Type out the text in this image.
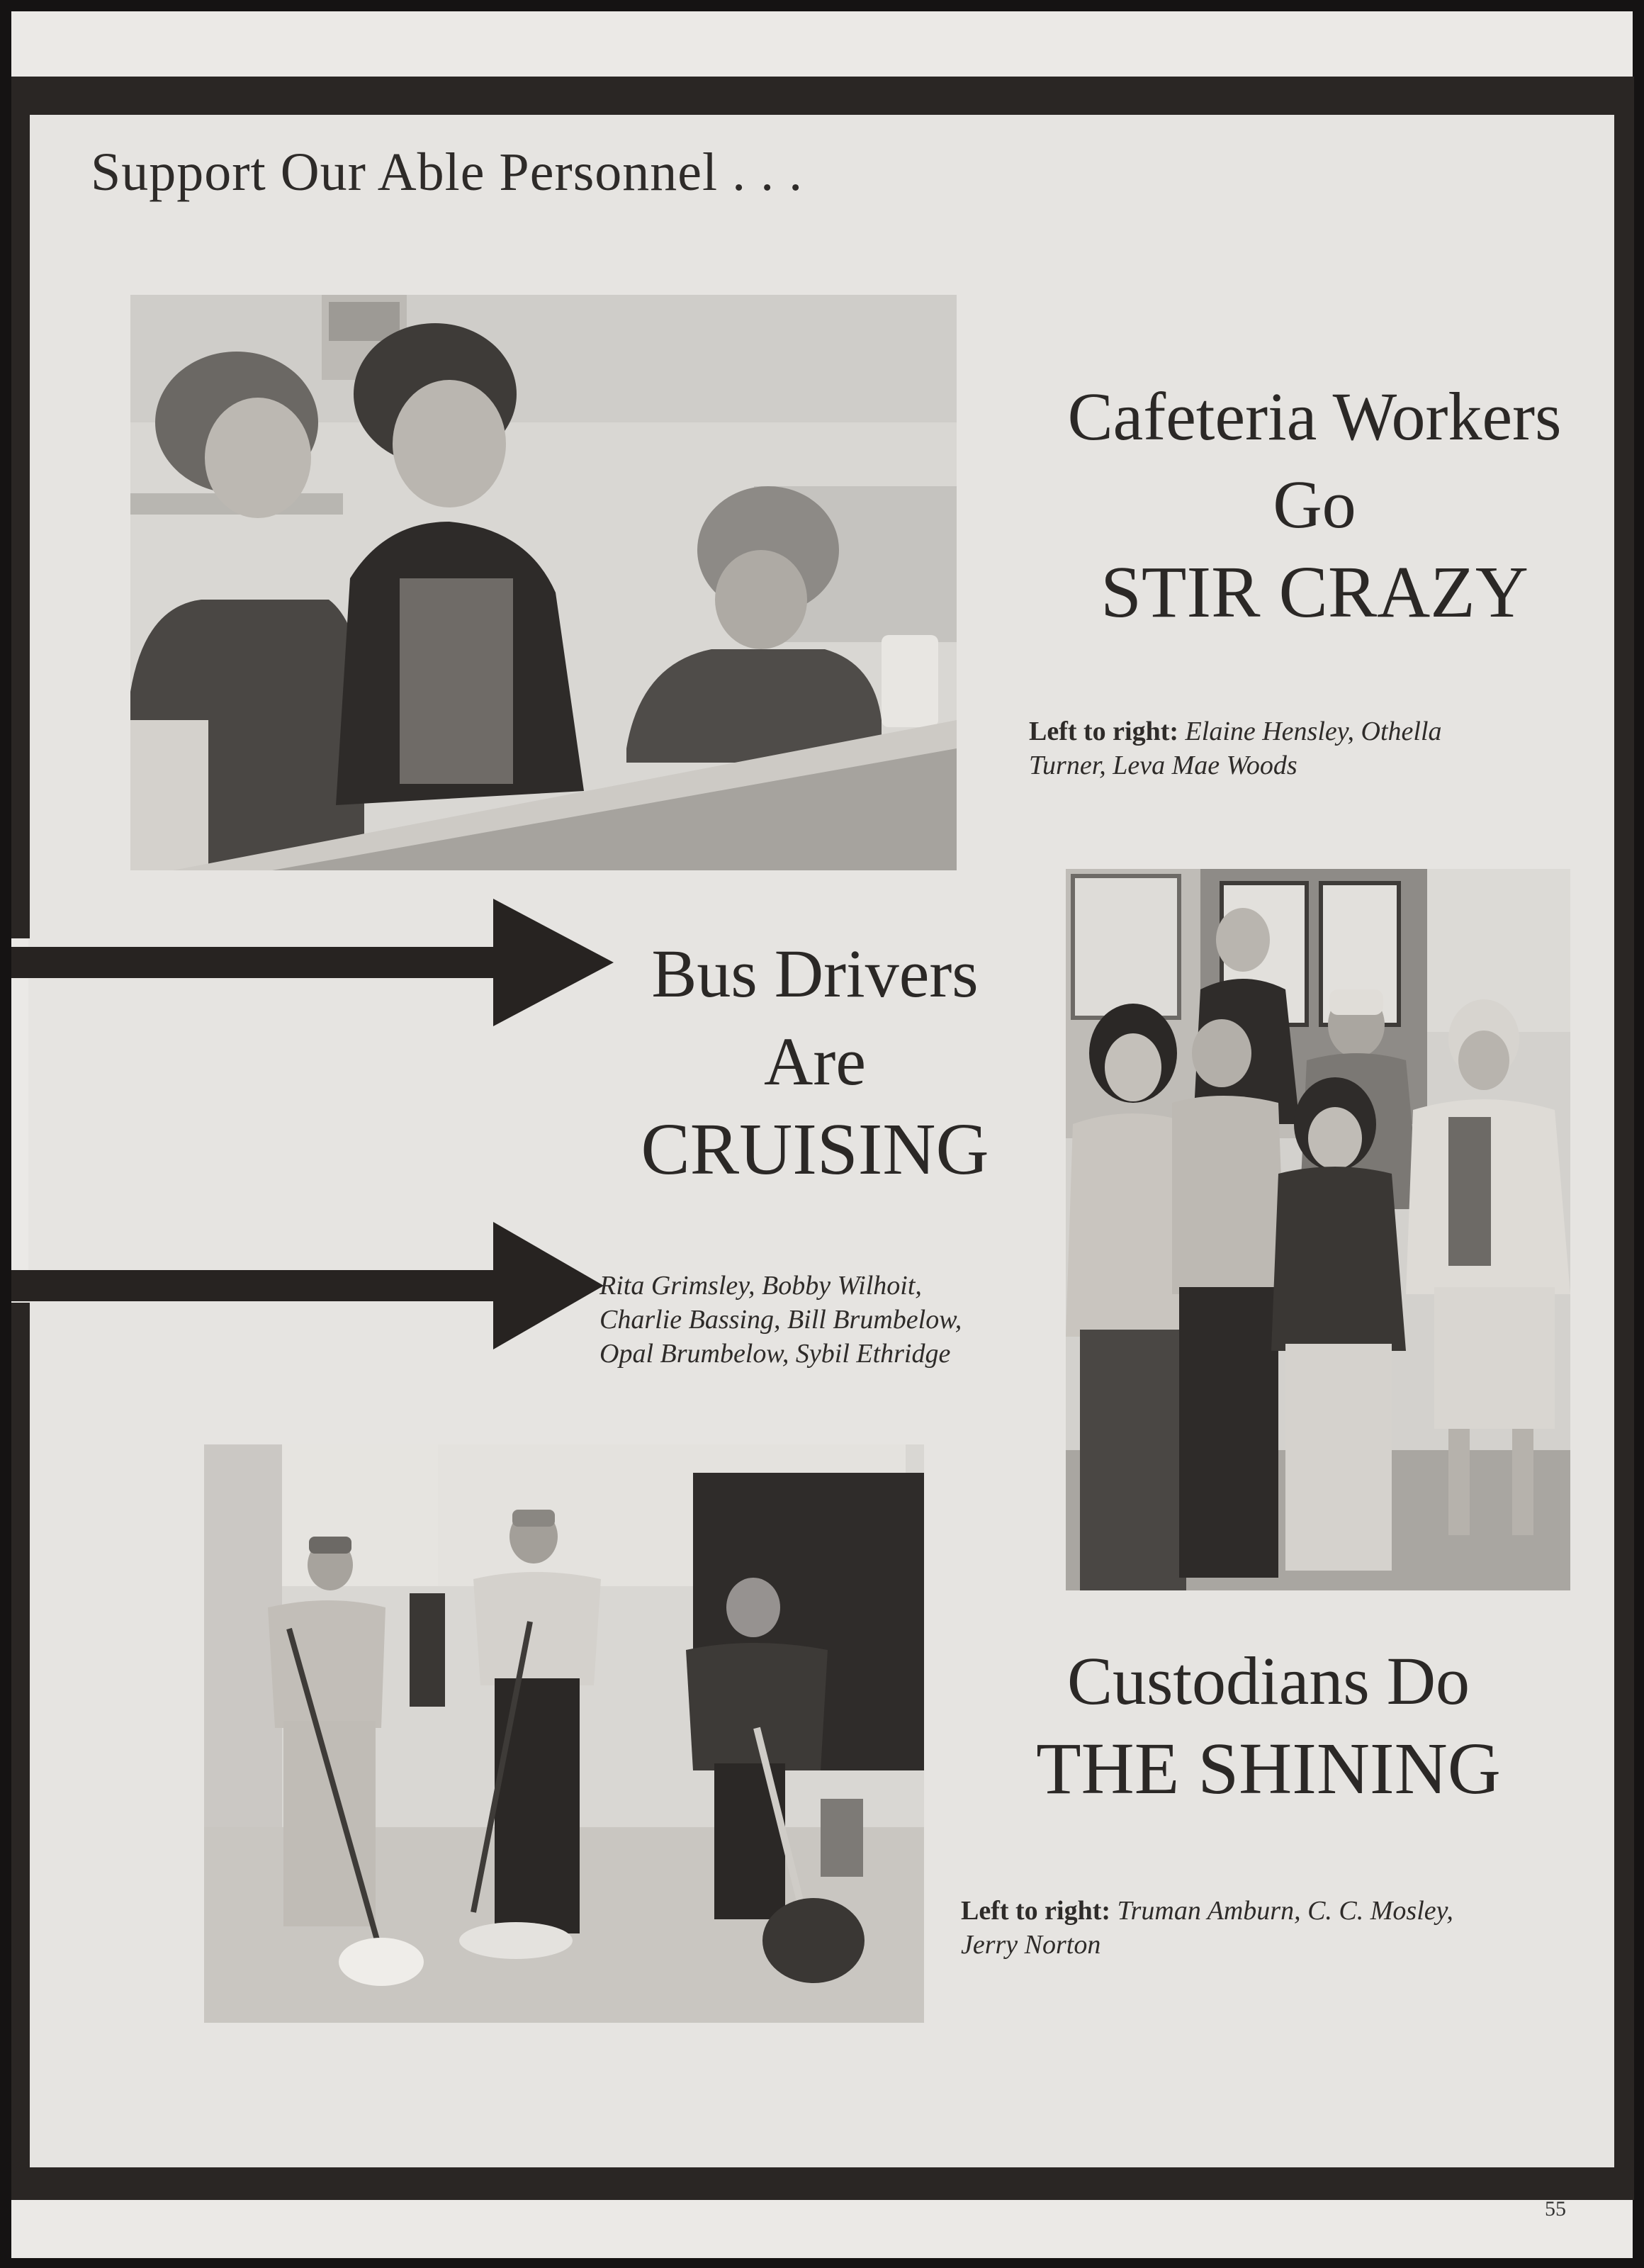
Support Our Able Personnel . . .
Cafeteria Workers
Go
STIR CRAZY
Left to right: Elaine Hensley, Othella
Turner, Leva Mae Woods
Bus Drivers
Are
CRUISING
Rita Grimsley, Bobby Wilhoit,
Charlie Bassing, Bill Brumbelow,
Opal Brumbelow, Sybil Ethridge
Custodians Do
THE SHINING
Left to right: Truman Amburn, C. C. Mosley,
Jerry Norton
55
